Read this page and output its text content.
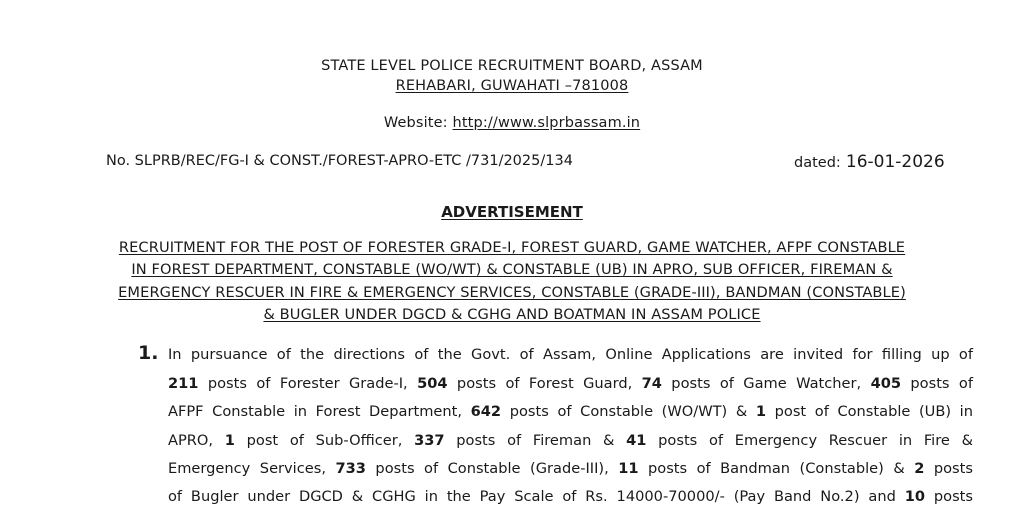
STATE LEVEL POLICE RECRUITMENT BOARD, ASSAM
REHABARI, GUWAHATI –781008
Website: http://www.slprbassam.in
No. SLPRB/REC/FG-I & CONST./FOREST-APRO-ETC /731/2025/134	dated: 16-01-2026
ADVERTISEMENT
RECRUITMENT FOR THE POST OF FORESTER GRADE-I, FOREST GUARD, GAME WATCHER, AFPF CONSTABLE
IN FOREST DEPARTMENT, CONSTABLE (WO/WT) & CONSTABLE (UB) IN APRO, SUB OFFICER, FIREMAN &
EMERGENCY RESCUER IN FIRE & EMERGENCY SERVICES, CONSTABLE (GRADE-III), BANDMAN (CONSTABLE)
& BUGLER UNDER DGCD & CGHG AND BOATMAN IN ASSAM POLICE
1. In pursuance of the directions of the Govt. of Assam, Online Applications are invited for filling up of
211 posts of Forester Grade-I, 504 posts of Forest Guard, 74 posts of Game Watcher, 405 posts of
AFPF Constable in Forest Department, 642 posts of Constable (WO/WT) & 1 post of Constable (UB) in
APRO, 1 post of Sub-Officer, 337 posts of Fireman & 41 posts of Emergency Rescuer in Fire &
Emergency Services, 733 posts of Constable (Grade-III), 11 posts of Bandman (Constable) & 2 posts
of Bugler under DGCD & CGHG in the Pay Scale of Rs. 14000-70000/- (Pay Band No.2) and 10 posts
